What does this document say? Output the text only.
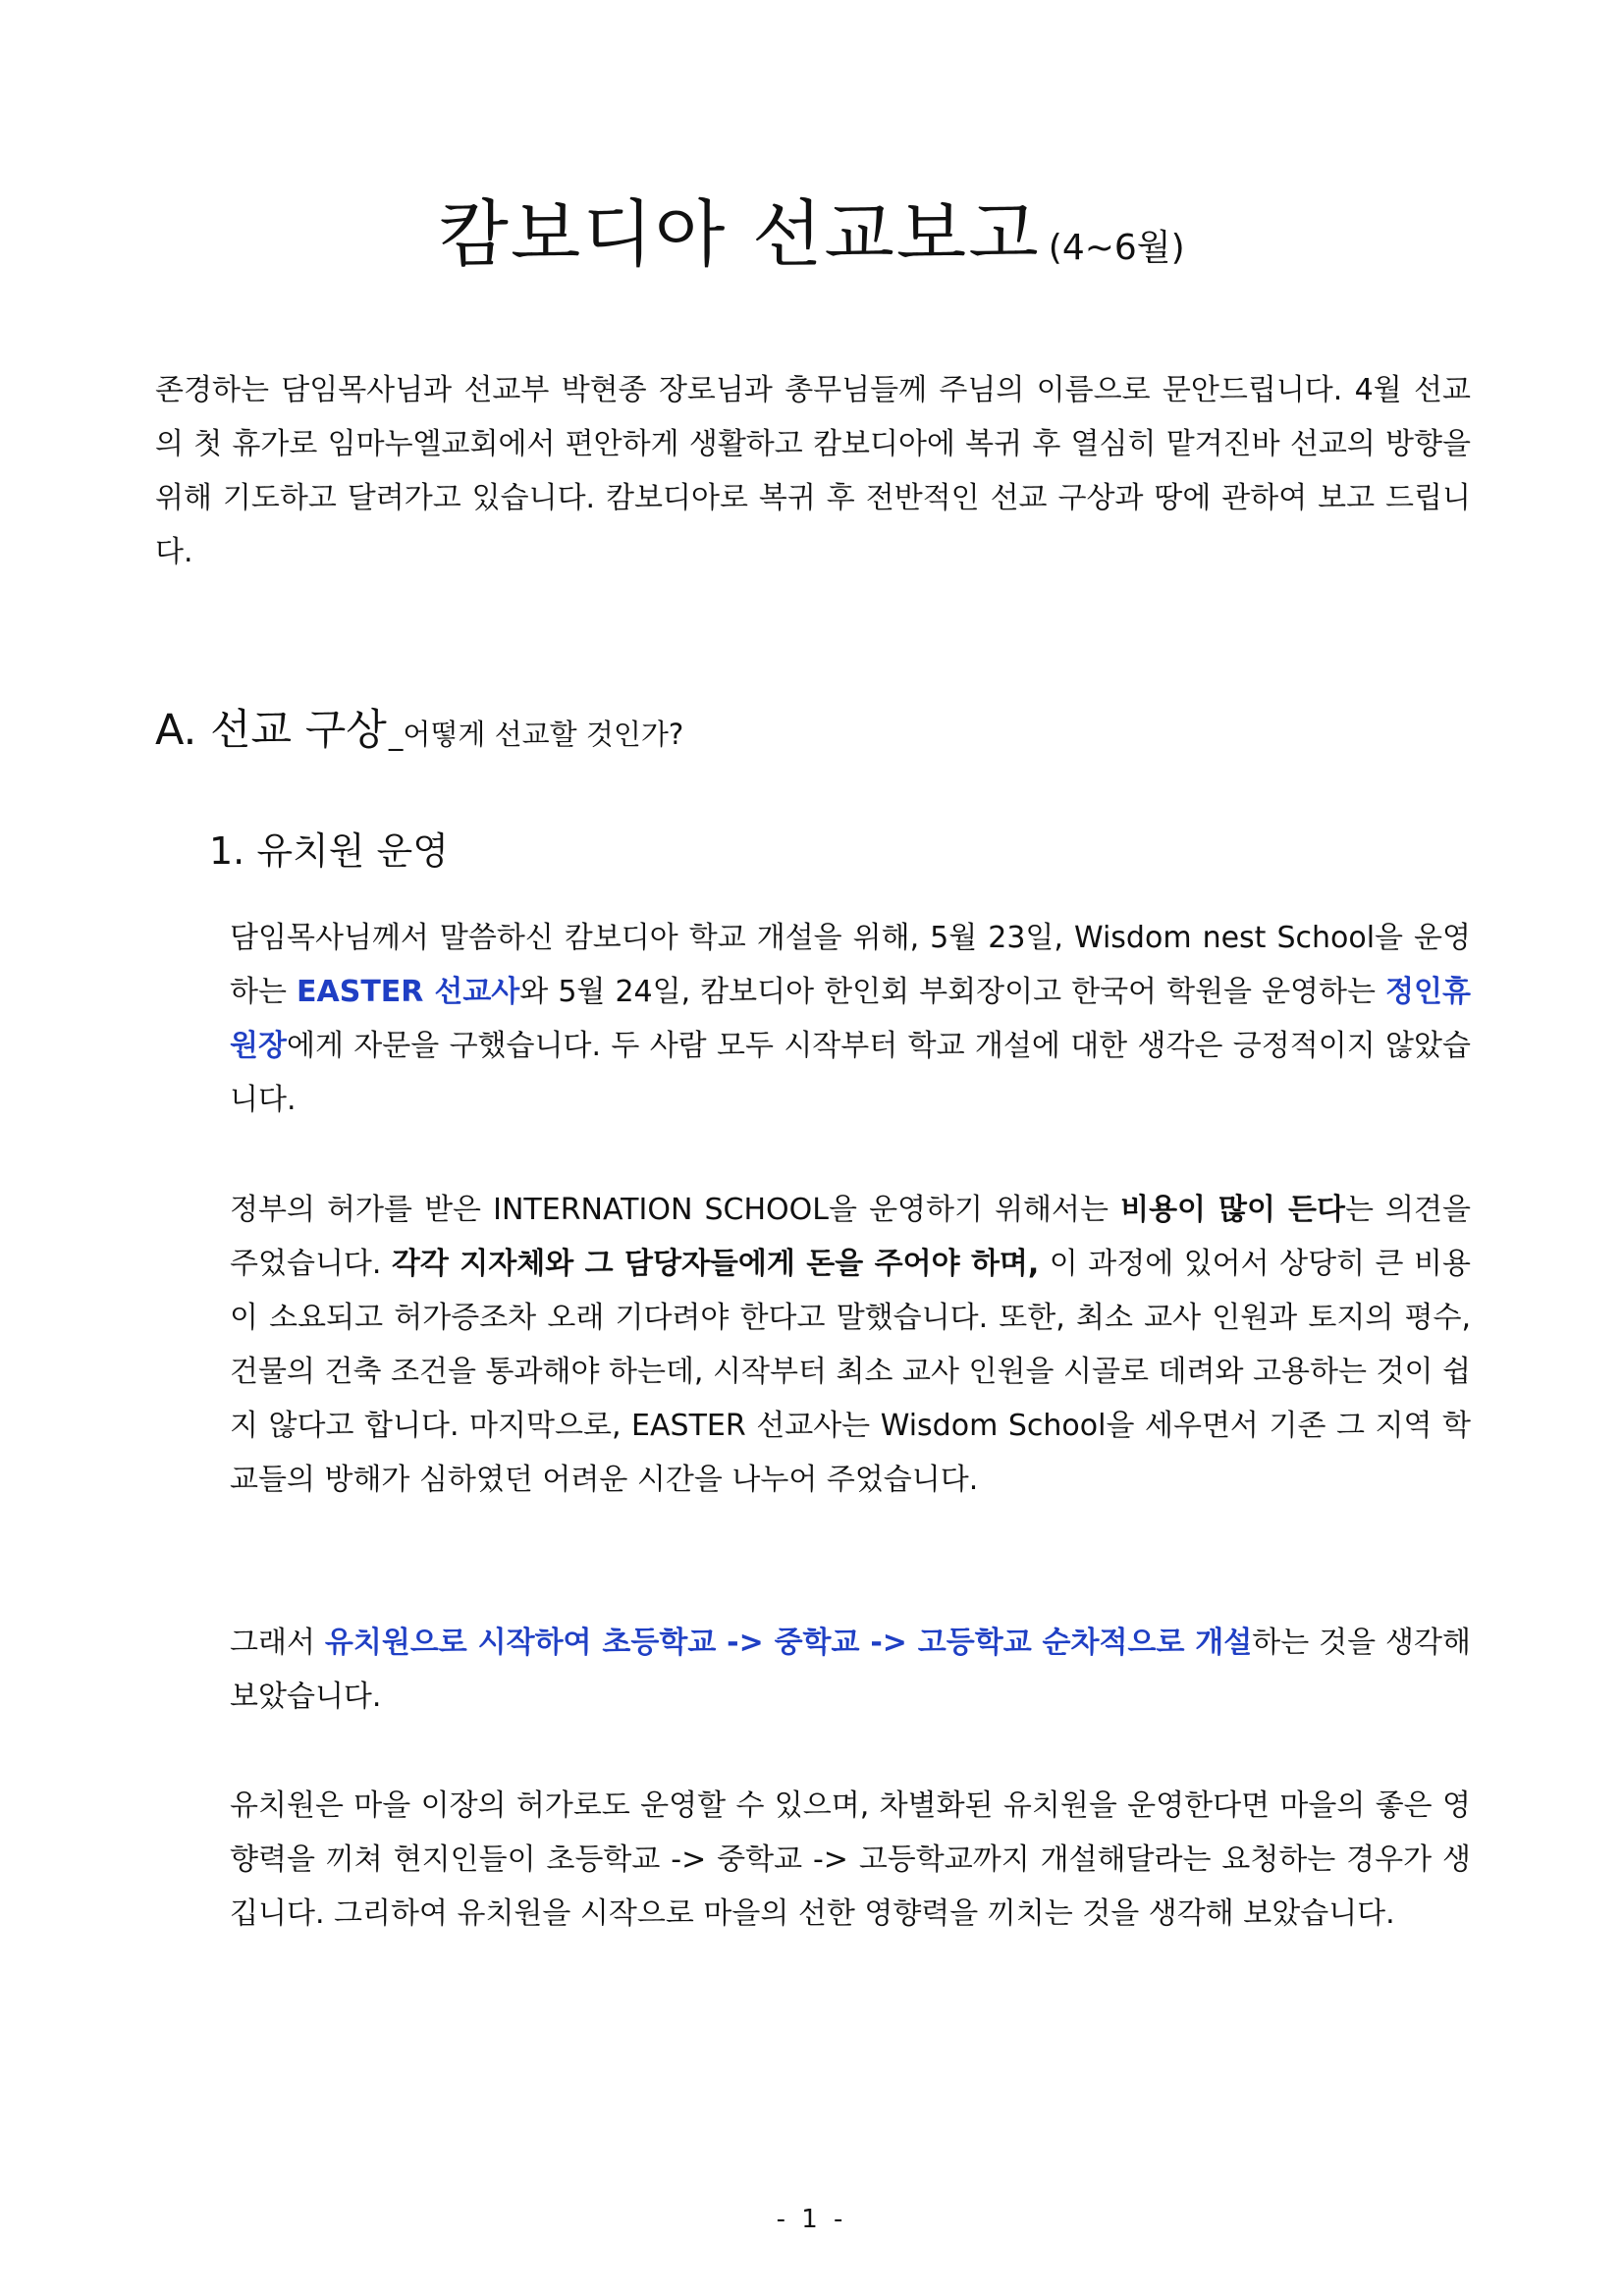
캄보디아 선교보고 (4~6월)

존경하는 담임목사님과 선교부 박현종 장로님과 총무님들께 주님의 이름으로 문안드립니다. 4월 선교의 첫 휴가로 임마누엘교회에서 편안하게 생활하고 캄보디아에 복귀 후 열심히 맡겨진바 선교의 방향을 위해 기도하고 달려가고 있습니다. 캄보디아로 복귀 후 전반적인 선교 구상과 땅에 관하여 보고 드립니다.

A. 선교 구상_어떻게 선교할 것인가?
1. 유치원 운영

담임목사님께서 말씀하신 캄보디아 학교 개설을 위해, 5월 23일, Wisdom nest School을 운영하는 EASTER 선교사와 5월 24일, 캄보디아 한인회 부회장이고 한국어 학원을 운영하는 정인휴 원장에게 자문을 구했습니다. 두 사람 모두 시작부터 학교 개설에 대한 생각은 긍정적이지 않았습니다.

정부의 허가를 받은 INTERNATION SCHOOL을 운영하기 위해서는 비용이 많이 든다는 의견을 주었습니다. 각각 지자체와 그 담당자들에게 돈을 주어야 하며, 이 과정에 있어서 상당히 큰 비용이 소요되고 허가증조차 오래 기다려야 한다고 말했습니다. 또한, 최소 교사 인원과 토지의 평수, 건물의 건축 조건을 통과해야 하는데, 시작부터 최소 교사 인원을 시골로 데려와 고용하는 것이 쉽지 않다고 합니다. 마지막으로, EASTER 선교사는 Wisdom School을 세우면서 기존 그 지역 학교들의 방해가 심하였던 어려운 시간을 나누어 주었습니다.

그래서 유치원으로 시작하여 초등학교 -> 중학교 -> 고등학교 순차적으로 개설하는 것을 생각해 보았습니다.

유치원은 마을 이장의 허가로도 운영할 수 있으며, 차별화된 유치원을 운영한다면 마을의 좋은 영향력을 끼쳐 현지인들이 초등학교 -> 중학교 -> 고등학교까지 개설해달라는 요청하는 경우가 생깁니다. 그리하여 유치원을 시작으로 마을의 선한 영향력을 끼치는 것을 생각해 보았습니다.

- 1 -
